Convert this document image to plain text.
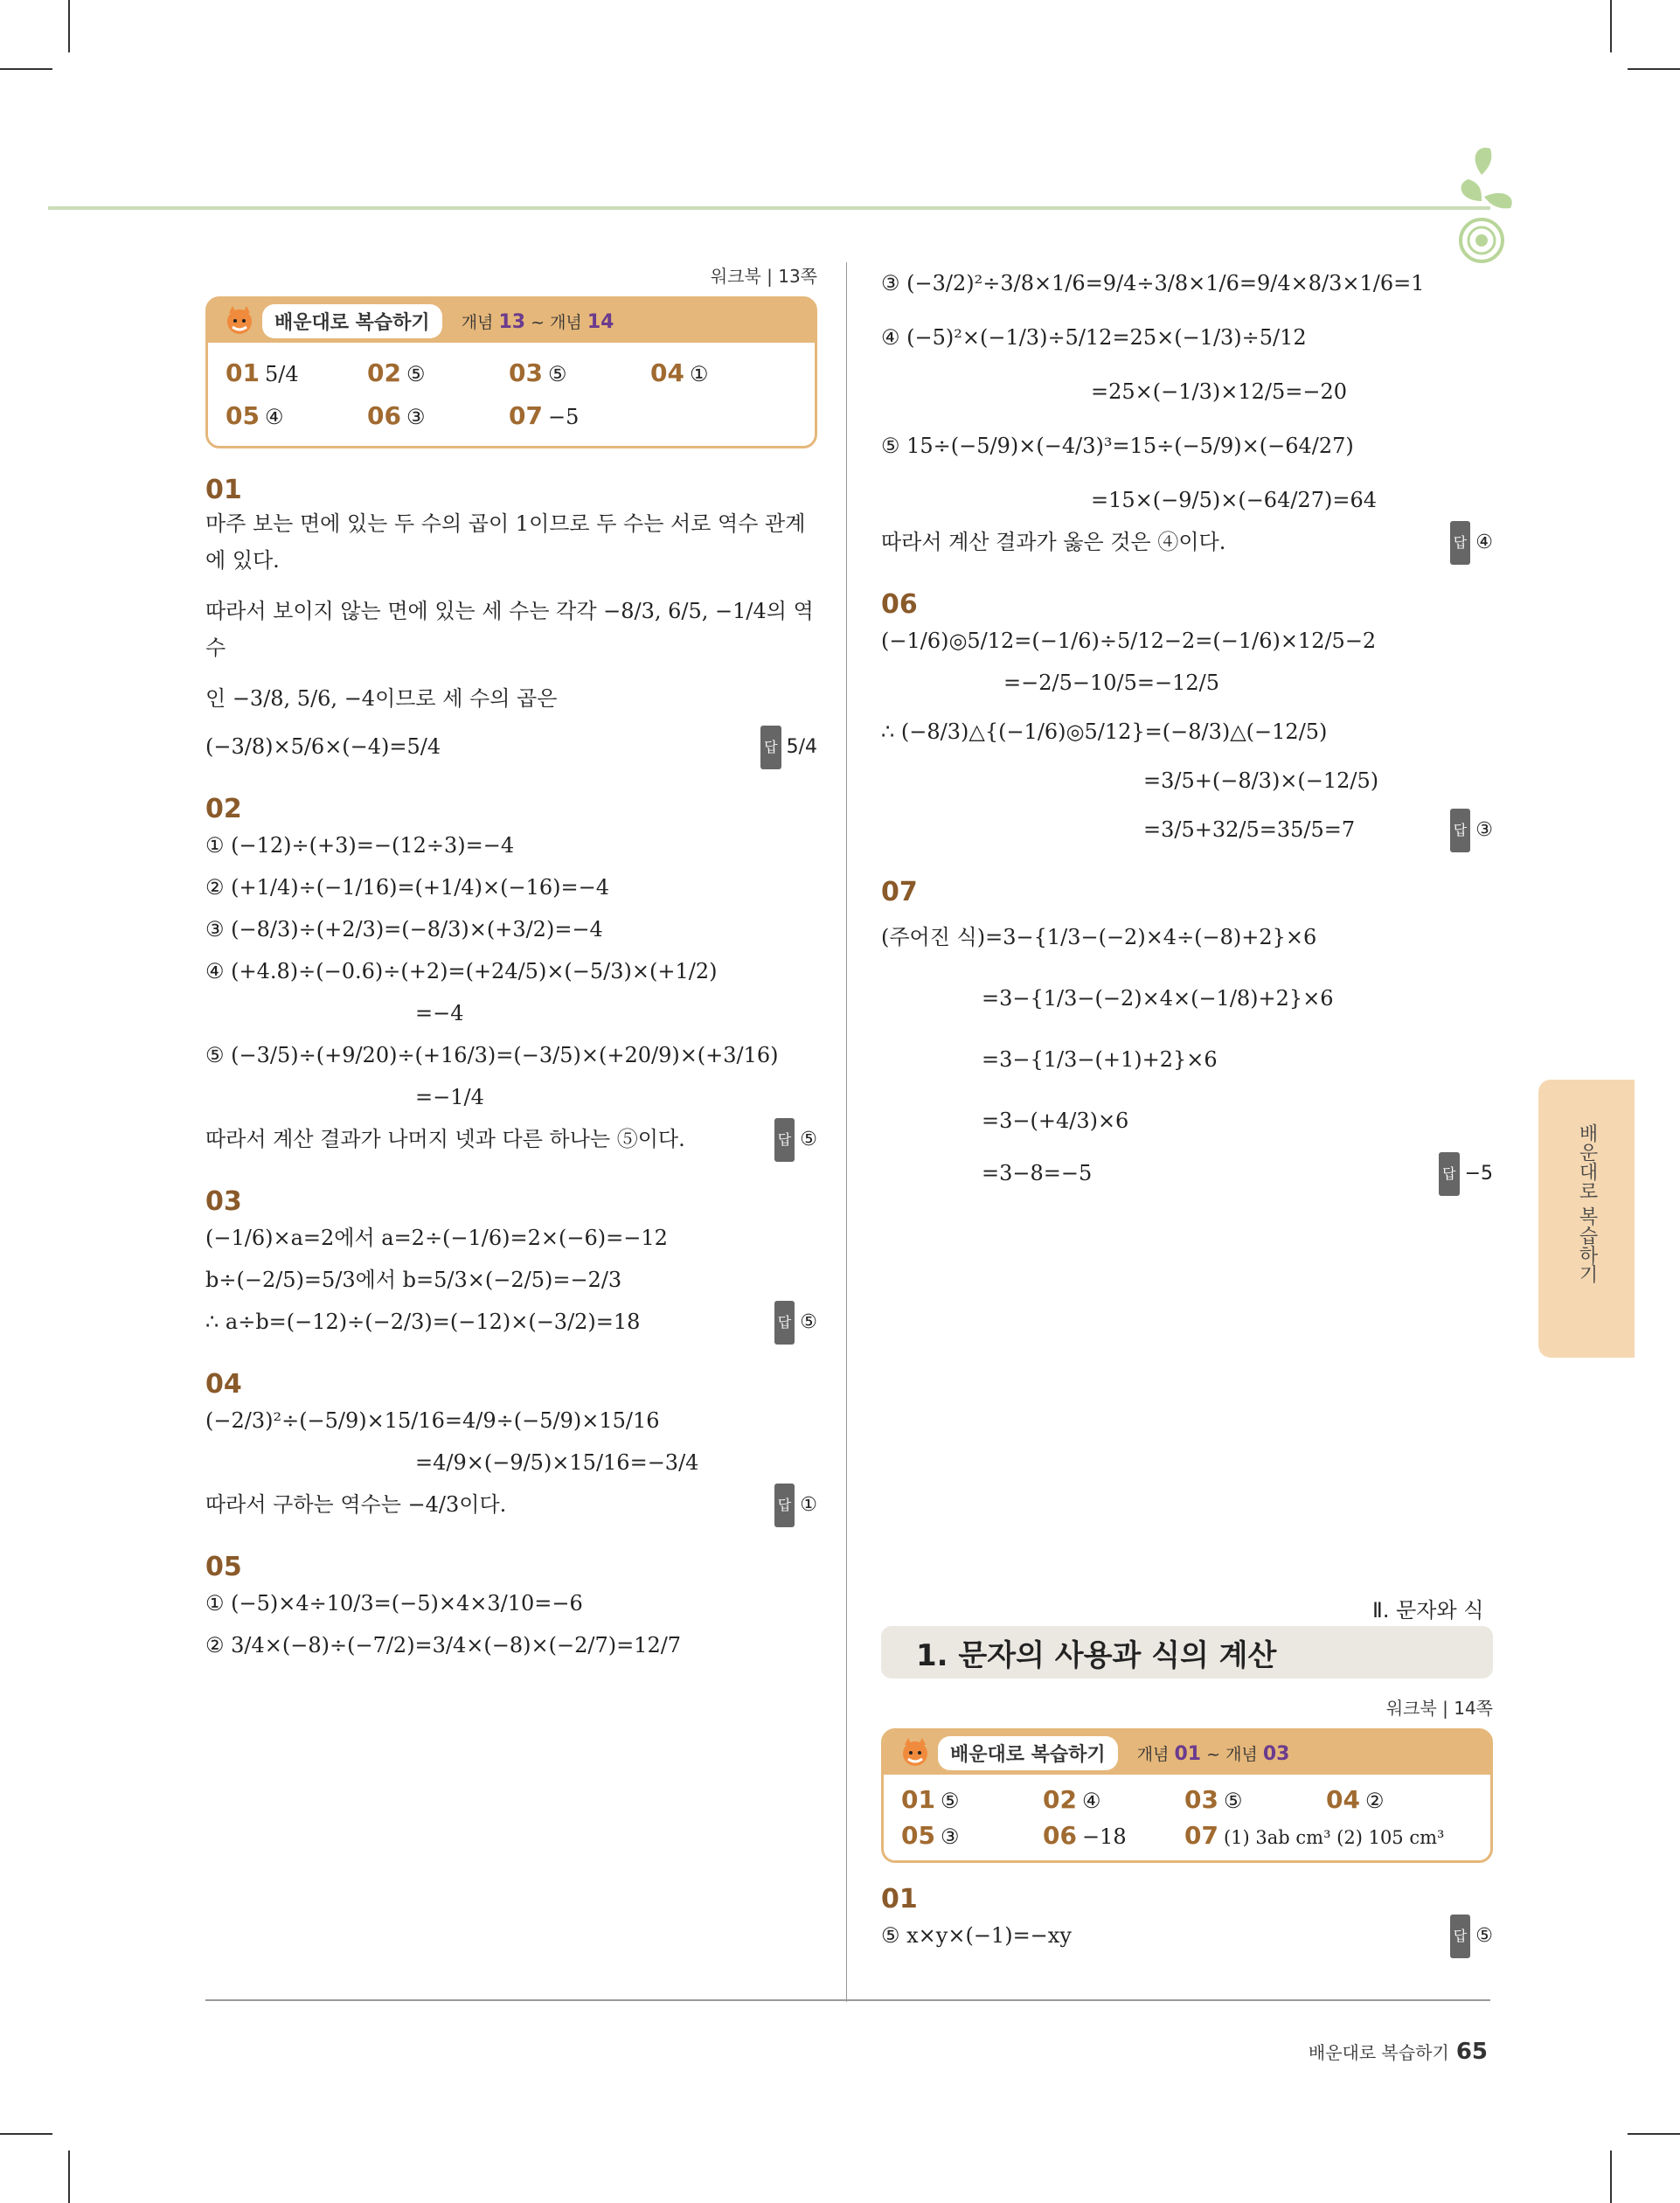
워크북 | 13쪽
배운대로 복습하기	개념 13 ~ 개념 14
01 5/4	02 ⑤	03 ⑤	04 ①
05 ④	06 ③	07 −5
01
마주 보는 면에 있는 두 수의 곱이 1이므로 두 수는 서로 역수 관계에 있다.
따라서 보이지 않는 면에 있는 세 수는 각각 −8/3, 6/5, −1/4의 역수
인 −3/8, 5/6, −4이므로 세 수의 곱은
(−3/8)×5/6×(−4)=5/4	답 5/4
02
① (−12)÷(+3)=−(12÷3)=−4
② (+1/4)÷(−1/16)=(+1/4)×(−16)=−4
③ (−8/3)÷(+2/3)=(−8/3)×(+3/2)=−4
④ (+4.8)÷(−0.6)÷(+2)=(+24/5)×(−5/3)×(+1/2)
=−4
⑤ (−3/5)÷(+9/20)÷(+16/3)=(−3/5)×(+20/9)×(+3/16)
=−1/4
따라서 계산 결과가 나머지 넷과 다른 하나는 ⑤이다.	답 ⑤
03
(−1/6)×a=2에서 a=2÷(−1/6)=2×(−6)=−12
b÷(−2/5)=5/3에서 b=5/3×(−2/5)=−2/3
∴ a÷b=(−12)÷(−2/3)=(−12)×(−3/2)=18	답 ⑤
04
(−2/3)²÷(−5/9)×15/16=4/9÷(−5/9)×15/16
=4/9×(−9/5)×15/16=−3/4
따라서 구하는 역수는 −4/3이다.	답 ①
05
① (−5)×4÷10/3=(−5)×4×3/10=−6
② 3/4×(−8)÷(−7/2)=3/4×(−8)×(−2/7)=12/7
③ (−3/2)²÷3/8×1/6=9/4÷3/8×1/6=9/4×8/3×1/6=1
④ (−5)²×(−1/3)÷5/12=25×(−1/3)÷5/12
=25×(−1/3)×12/5=−20
⑤ 15÷(−5/9)×(−4/3)³=15÷(−5/9)×(−64/27)
=15×(−9/5)×(−64/27)=64
따라서 계산 결과가 옳은 것은 ④이다.	답 ④
06
(−1/6)◎5/12=(−1/6)÷5/12−2=(−1/6)×12/5−2
=−2/5−10/5=−12/5
∴ (−8/3)△{(−1/6)◎5/12}=(−8/3)△(−12/5)
=3/5+(−8/3)×(−12/5)
=3/5+32/5=35/5=7	답 ③
07
(주어진 식)=3−{1/3−(−2)×4÷(−8)+2}×6
=3−{1/3−(−2)×4×(−1/8)+2}×6
=3−{1/3−(+1)+2}×6
=3−(+4/3)×6
=3−8=−5	답 −5
Ⅱ. 문자와 식
1. 문자의 사용과 식의 계산
워크북 | 14쪽
배운대로 복습하기	개념 01 ~ 개념 03
01 ⑤	02 ④	03 ⑤	04 ②
05 ③	06 −18	07 (1) 3ab cm³ (2) 105 cm³
01
⑤ x×y×(−1)=−xy	답 ⑤
배운대로 복습하기
배운대로 복습하기 65
